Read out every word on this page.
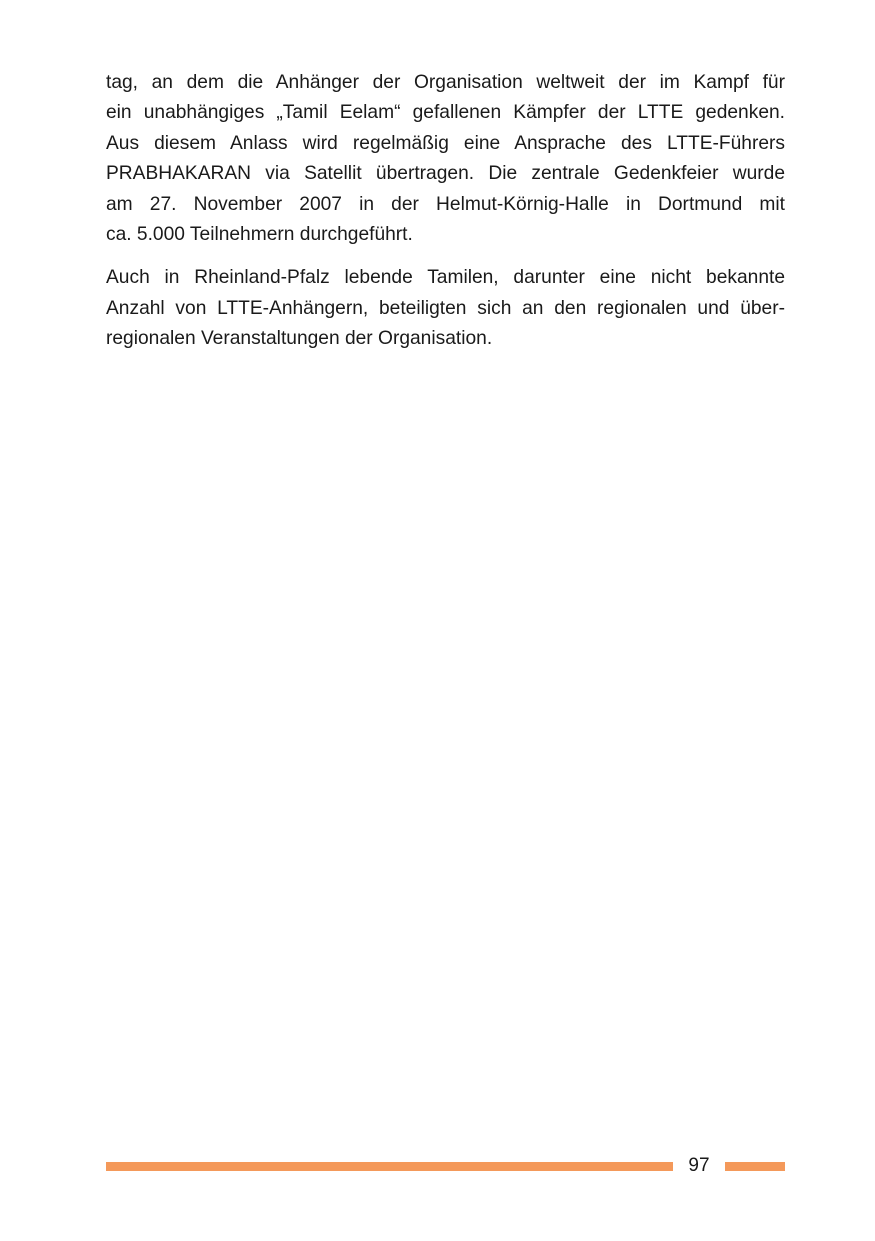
tag, an dem die Anhänger der Organisation weltweit der im Kampf für
ein unabhängiges „Tamil Eelam“ gefallenen Kämpfer der LTTE gedenken.
Aus diesem Anlass wird regelmäßig eine Ansprache des LTTE-Führers
PRABHAKARAN via Satellit übertragen. Die zentrale Gedenkfeier wurde
am 27. November 2007 in der Helmut-Körnig-Halle in Dortmund mit
ca. 5.000 Teilnehmern durchgeführt.
Auch in Rheinland-Pfalz lebende Tamilen, darunter eine nicht bekannte
Anzahl von LTTE-Anhängern, beteiligten sich an den regionalen und über-
regionalen Veranstaltungen der Organisation.
97
